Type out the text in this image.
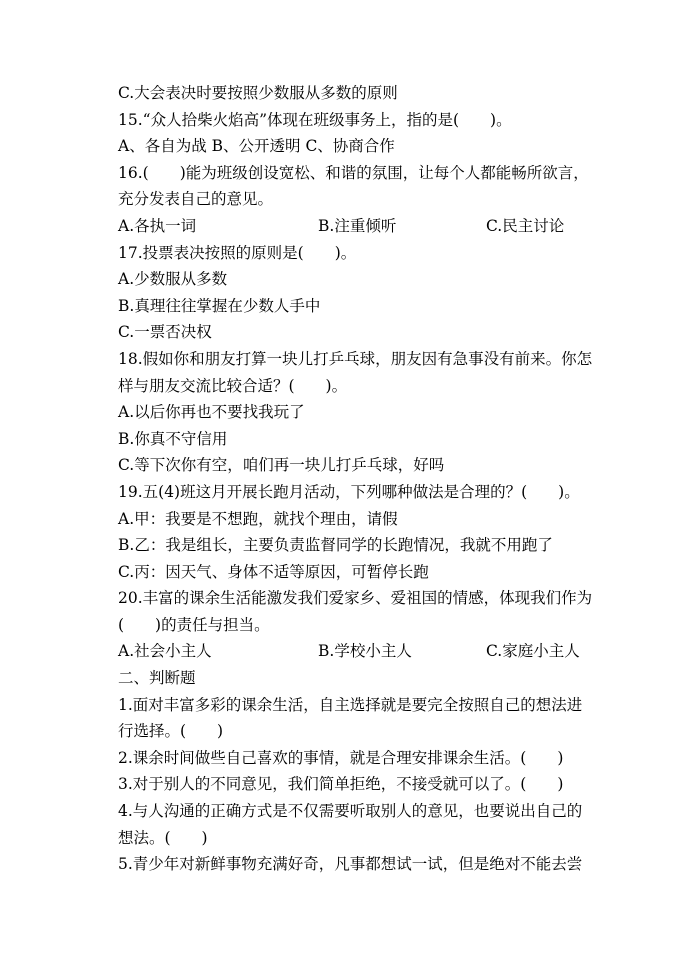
C.大会表决时要按照少数服从多数的原则
15.“众人拾柴火焰高”体现在班级事务上，指的是(　　)。
A、各自为战 B、公开透明 C、协商合作
16.(　　)能为班级创设宽松、和谐的氛围，让每个人都能畅所欲言，
充分发表自己的意见。
A.各执一词	B.注重倾听	C.民主讨论
17.投票表决按照的原则是(　　)。
A.少数服从多数
B.真理往往掌握在少数人手中
C.一票否决权
18.假如你和朋友打算一块儿打乒乓球，朋友因有急事没有前来。你怎
样与朋友交流比较合适？(　　)。
A.以后你再也不要找我玩了
B.你真不守信用
C.等下次你有空，咱们再一块儿打乒乓球，好吗
19.五(4)班这月开展长跑月活动，下列哪种做法是合理的？(　　)。
A.甲：我要是不想跑，就找个理由，请假
B.乙：我是组长，主要负责监督同学的长跑情况，我就不用跑了
C.丙：因天气、身体不适等原因，可暂停长跑
20.丰富的课余生活能激发我们爱家乡、爱祖国的情感，体现我们作为
(　　)的责任与担当。
A.社会小主人	B.学校小主人	C.家庭小主人
二、判断题
1.面对丰富多彩的课余生活，自主选择就是要完全按照自己的想法进
行选择。(　　)
2.课余时间做些自己喜欢的事情，就是合理安排课余生活。(　　)
3.对于别人的不同意见，我们简单拒绝，不接受就可以了。(　　)
4.与人沟通的正确方式是不仅需要听取别人的意见，也要说出自己的
想法。(　　)
5.青少年对新鲜事物充满好奇，凡事都想试一试，但是绝对不能去尝
